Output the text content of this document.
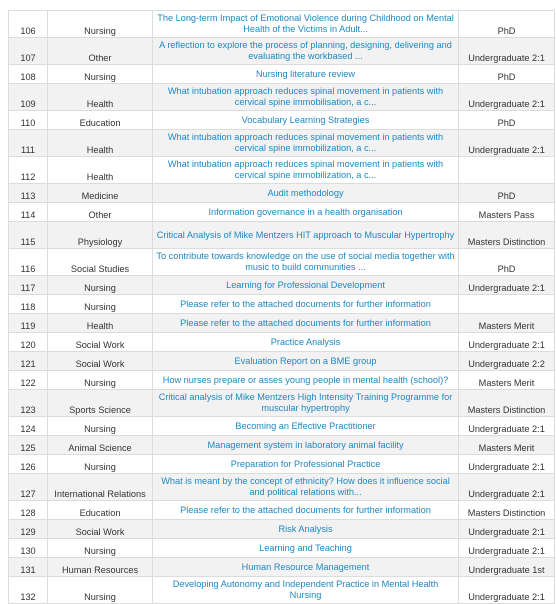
106	Nursing	The Long-term Impact of Emotional Violence during Childhood on Mental Health of the Victims in Adult...	PhD
107	Other	A reflection to explore the process of planning, designing, delivering and evaluating the workbased ...	Undergraduate 2:1
108	Nursing	Nursing literature review	PhD
109	Health	What intubation approach reduces spinal movement in patients with cervical spine immobilisation, a c...	Undergraduate 2:1
110	Education	Vocabulary Learning Strategies	PhD
111	Health	What intubation approach reduces spinal movement in patients with cervical spine immobilization, a c...	Undergraduate 2:1
112	Health	What intubation approach reduces spinal movement in patients with cervical spine immobilization, a c...	

113	Medicine	Audit methodology	PhD
114	Other	Information governance in a health organisation	Masters Pass
115	Physiology	Critical Analysis of Mike Mentzers HIT approach to Muscular Hypertrophy	Masters Distinction
116	Social Studies	To contribute towards knowledge on the use of social media together with music to build communities ...	PhD
117	Nursing	Learning for Professional Development	Undergraduate 2:1
118	Nursing	Please refer to the attached documents for further information	

119	Health	Please refer to the attached documents for further information	Masters Merit
120	Social Work	Practice Analysis	Undergraduate 2:1
121	Social Work	Evaluation Report on a BME group	Undergraduate 2:2
122	Nursing	How nurses prepare or asses young people in mental health (school)?	Masters Merit
123	Sports Science	Critical analysis of Mike Mentzers High Intensity Training Programme for muscular hypertrophy	Masters Distinction
124	Nursing	Becoming an Effective Practitioner	Undergraduate 2:1
125	Animal Science	Management system in laboratory animal facility	Masters Merit
126	Nursing	Preparation for Professional Practice	Undergraduate 2:1
127	International Relations	What is meant by the concept of ethnicity? How does it influence social and political relations with...	Undergraduate 2:1
128	Education	Please refer to the attached documents for further information	Masters Distinction
129	Social Work	Risk Analysis	Undergraduate 2:1
130	Nursing	Learning and Teaching	Undergraduate 2:1
131	Human Resources	Human Resource Management	Undergraduate 1st
132	Nursing	Developing Autonomy and Independent Practice in Mental Health Nursing	Undergraduate 2:1
